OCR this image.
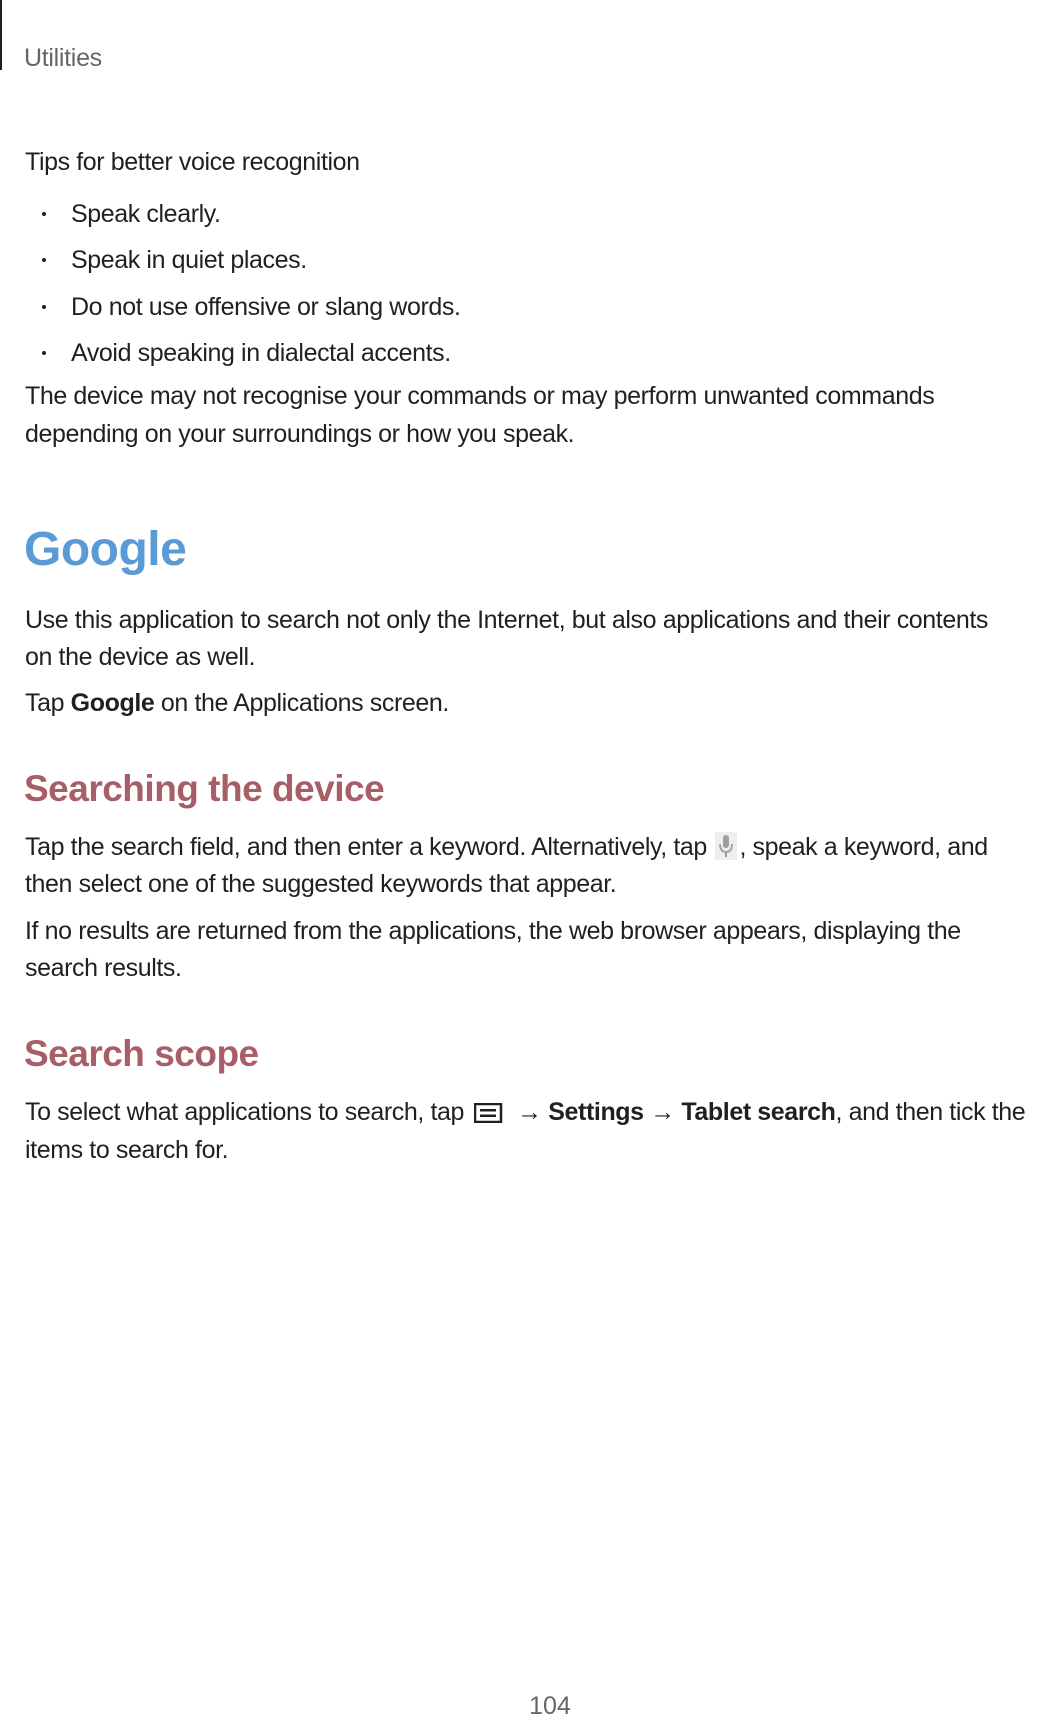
Utilities
Tips for better voice recognition
Speak clearly.
Speak in quiet places.
Do not use offensive or slang words.
Avoid speaking in dialectal accents.
The device may not recognise your commands or may perform unwanted commands
depending on your surroundings or how you speak.
Google
Use this application to search not only the Internet, but also applications and their contents
on the device as well.
Tap Google on the Applications screen.
Searching the device
Tap the search field, and then enter a keyword. Alternatively, tap , speak a keyword, and
then select one of the suggested keywords that appear.
If no results are returned from the applications, the web browser appears, displaying the
search results.
Search scope
To select what applications to search, tap  → Settings → Tablet search, and then tick the
items to search for.
104
